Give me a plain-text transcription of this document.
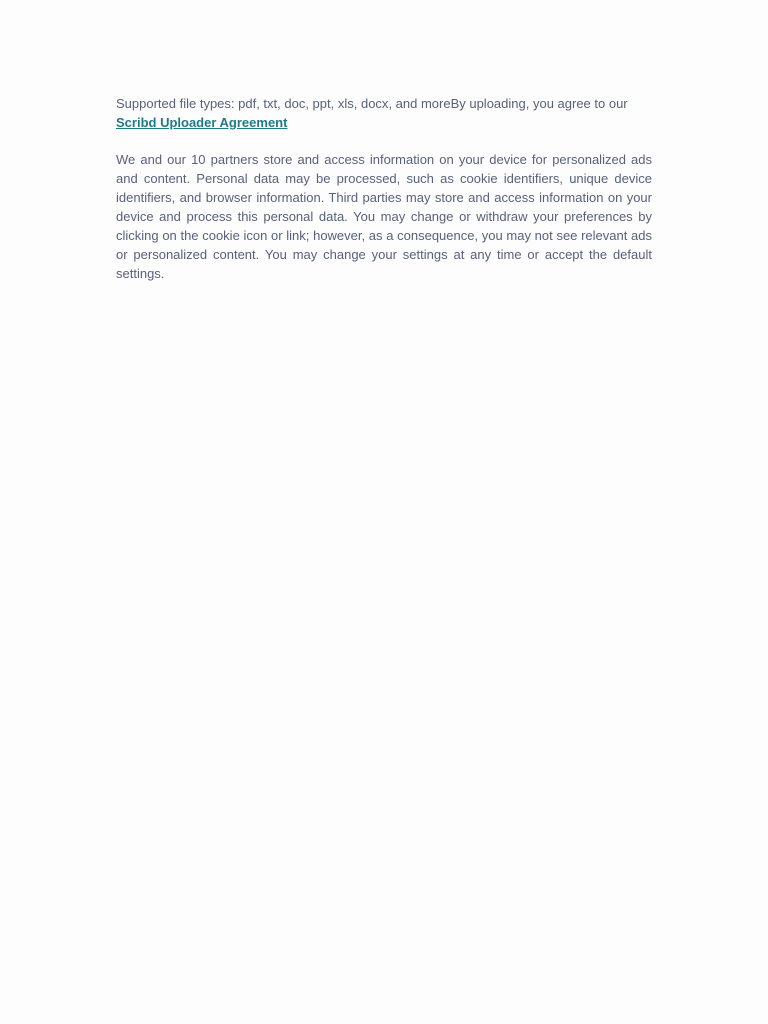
Supported file types: pdf, txt, doc, ppt, xls, docx, and moreBy uploading, you agree to our Scribd Uploader Agreement

We and our 10 partners store and access information on your device for personalized ads and content. Personal data may be processed, such as cookie identifiers, unique device identifiers, and browser information. Third parties may store and access information on your device and process this personal data. You may change or withdraw your preferences by clicking on the cookie icon or link; however, as a consequence, you may not see relevant ads or personalized content. You may change your settings at any time or accept the default settings.
